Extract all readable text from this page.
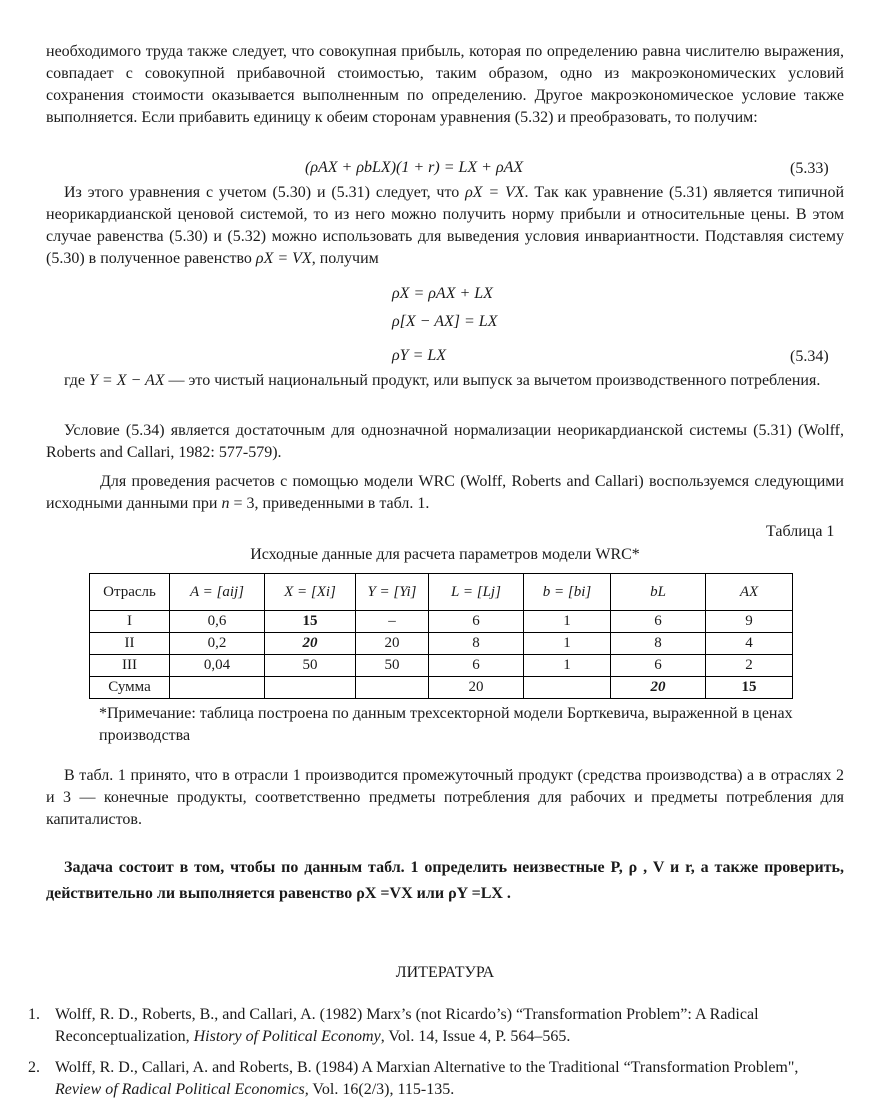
необходимого труда также следует, что совокупная прибыль, которая по определению равна числителю выражения, совпадает с совокупной прибавочной стоимостью, таким образом, одно из макроэкономических условий сохранения стоимости оказывается выполненным по определению. Другое макроэкономическое условие также выполняется. Если прибавить единицу к обеим сторонам уравнения (5.32) и преобразовать, то получим:

(ρAX + ρbLX)(1 + r) = LX + ρAX	(5.33)

Из этого уравнения с учетом (5.30) и (5.31) следует, что ρX = VX. Так как уравнение (5.31) является типичной неорикардианской ценовой системой, то из него можно получить норму прибыли и относительные цены. В этом случае равенства (5.30) и (5.32) можно использовать для выведения условия инвариантности. Подставляя систему (5.30) в полученное равенство ρX = VX, получим

ρX = ρAX + LX
ρ[X − AX] = LX
ρY = LX	(5.34)

где Y = X − AX — это чистый национальный продукт, или выпуск за вычетом производственного потребления.

Условие (5.34) является достаточным для однозначной нормализации неорикардианской системы (5.31) (Wolff, Roberts and Callari, 1982: 577-579).

Для проведения расчетов с помощью модели WRC (Wolff, Roberts and Callari) воспользуемся следующими исходными данными при n = 3, приведенными в табл. 1.

Таблица 1
Исходные данные для расчета параметров модели WRC*
Отрасль	A = [aij]	X = [Xi]	Y = [Yi]	L = [Lj]	b = [bi]	bL	AX
I	0,6	15	–	6	1	6	9
II	0,2	20	20	8	1	8	4
III	0,04	50	50	6	1	6	2
Сумма				20		20	15

*Примечание: таблица построена по данным трехсекторной модели Борткевича, выраженной в ценах производства

В табл. 1 принято, что в отрасли 1 производится промежуточный продукт (средства производства) а в отраслях 2 и 3 — конечные продукты, соответственно предметы потребления для рабочих и предметы потребления для капиталистов.

Задача состоит в том, чтобы по данным табл. 1 определить неизвестные P, ρ , V и r, а также проверить, действительно ли выполняется равенство ρX =VX или ρY =LX .

ЛИТЕРАТУРА

1. Wolff, R. D., Roberts, B., and Callari, A. (1982) Marx’s (not Ricardo’s) “Transformation Problem”: A Radical Reconceptualization, History of Political Economy, Vol. 14, Issue 4, P. 564–565.

2. Wolff, R. D., Callari, A. and Roberts, B. (1984) A Marxian Alternative to the Traditional “Transformation Problem", Review of Radical Political Economics, Vol. 16(2/3), 115-135.
